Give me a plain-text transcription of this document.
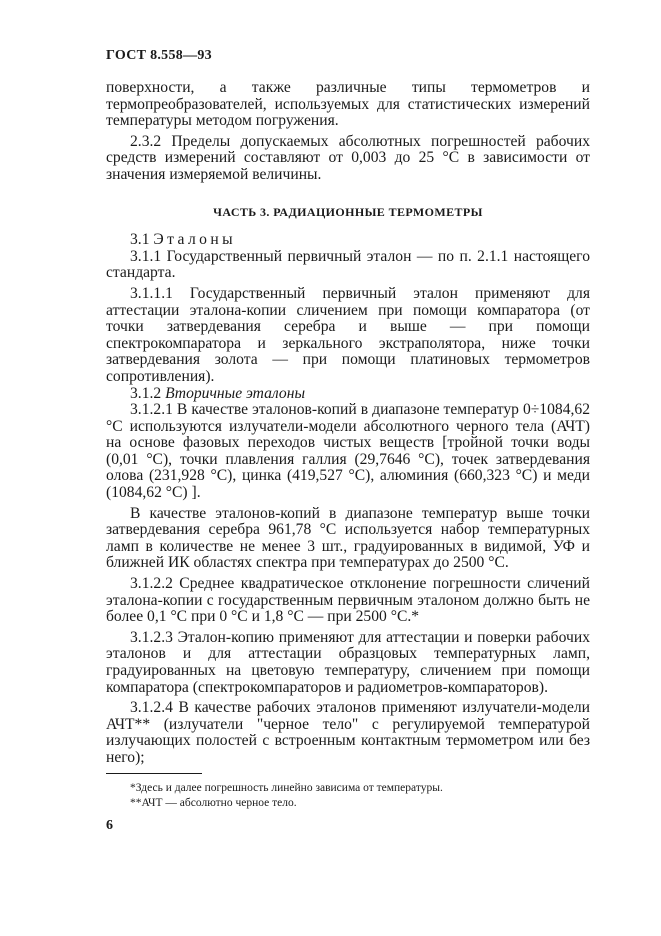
ГОСТ 8.558—93

поверхности, а также различные типы термометров и термопреобразователей, используемых для статистических измерений температуры методом погружения.

2.3.2 Пределы допускаемых абсолютных погрешностей рабочих средств измерений составляют от 0,003 до 25 °С в зависимости от значения измеряемой величины.

ЧАСТЬ 3. РАДИАЦИОННЫЕ ТЕРМОМЕТРЫ

3.1 Эталоны

3.1.1 Государственный первичный эталон — по п. 2.1.1 настоящего стандарта.

3.1.1.1 Государственный первичный эталон применяют для аттестации эталона-копии сличением при помощи компаратора (от точки затвердевания серебра и выше — при помощи спектрокомпаратора и зеркального экстраполятора, ниже точки затвердевания золота — при помощи платиновых термометров сопротивления).

3.1.2 Вторичные эталоны

3.1.2.1 В качестве эталонов-копий в диапазоне температур 0÷1084,62 °С используются излучатели-модели абсолютного черного тела (АЧТ) на основе фазовых переходов чистых веществ [тройной точки воды (0,01 °С), точки плавления галлия (29,7646 °С), точек затвердевания олова (231,928 °С), цинка (419,527 °С), алюминия (660,323 °С) и меди (1084,62 °С) ].

В качестве эталонов-копий в диапазоне температур выше точки затвердевания серебра 961,78 °С используется набор температурных ламп в количестве не менее 3 шт., градуированных в видимой, УФ и ближней ИК областях спектра при температурах до 2500 °С.

3.1.2.2 Среднее квадратическое отклонение погрешности сличений эталона-копии с государственным первичным эталоном должно быть не более 0,1 °С при 0 °С и 1,8 °С — при 2500 °С.*

3.1.2.3 Эталон-копию применяют для аттестации и поверки рабочих эталонов и для аттестации образцовых температурных ламп, градуированных на цветовую температуру, сличением при помощи компаратора (спектрокомпараторов и радиометров-компараторов).

3.1.2.4 В качестве рабочих эталонов применяют излучатели-модели АЧТ** (излучатели "черное тело" с регулируемой температурой излучающих полостей с встроенным контактным термометром или без него);

*Здесь и далее погрешность линейно зависима от температуры.

**АЧТ — абсолютно черное тело.

6
